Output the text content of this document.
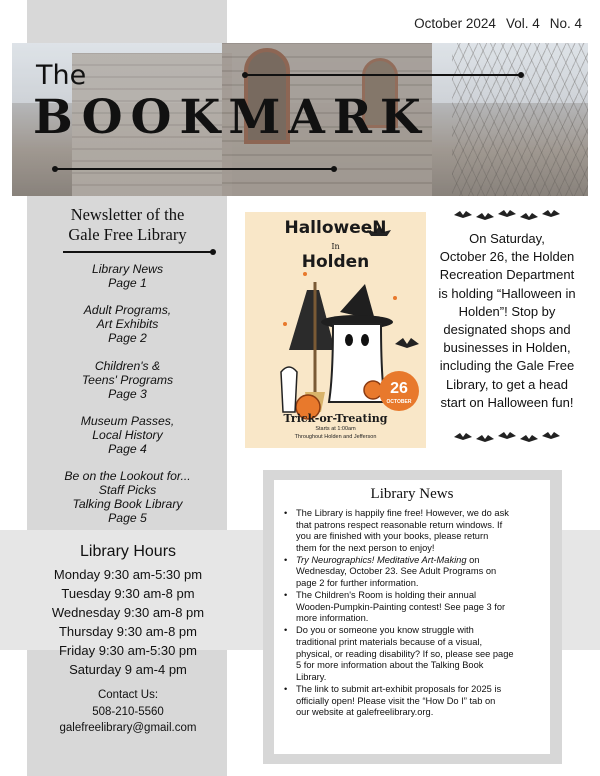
October 2024 Vol. 4 No. 4
The
BOOKMARK
Newsletter of the
Gale Free Library
Library News
Page 1
Adult Programs,
Art Exhibits
Page 2
Children's &
Teens' Programs
Page 3
Museum Passes,
Local History
Page 4
Be on the Lookout for...
Staff Picks
Talking Book Library
Page 5
Library Hours
Monday 9:30 am-5:30 pm
Tuesday 9:30 am-8 pm
Wednesday 9:30 am-8 pm
Thursday 9:30 am-8 pm
Friday 9:30 am-5:30 pm
Saturday 9 am-4 pm
Contact Us:
508-210-5560
galefreelibrary@gmail.com
HalloweeN
In
Holden
26
OCTOBER
Trick-or-Treating
Starts at 1:00am
Throughout Holden and Jefferson
On Saturday,
October 26, the Holden
Recreation Department
is holding “Halloween in
Holden”! Stop by
designated shops and
businesses in Holden,
including the Gale Free
Library, to get a head
start on Halloween fun!
Library News
• The Library is happily fine free! However, we do ask
that patrons respect reasonable return windows. If
you are finished with your books, please return
them for the next person to enjoy!
• Try Neurographics! Meditative Art-Making on
Wednesday, October 23. See Adult Programs on
page 2 for further information.
• The Children's Room is holding their annual
Wooden-Pumpkin-Painting contest! See page 3 for
more information.
• Do you or someone you know struggle with
traditional print materials because of a visual,
physical, or reading disability? If so, please see page
5 for more information about the Talking Book
Library.
• The link to submit art-exhibit proposals for 2025 is
officially open! Please visit the “How Do I” tab on
our website at galefreelibrary.org.
